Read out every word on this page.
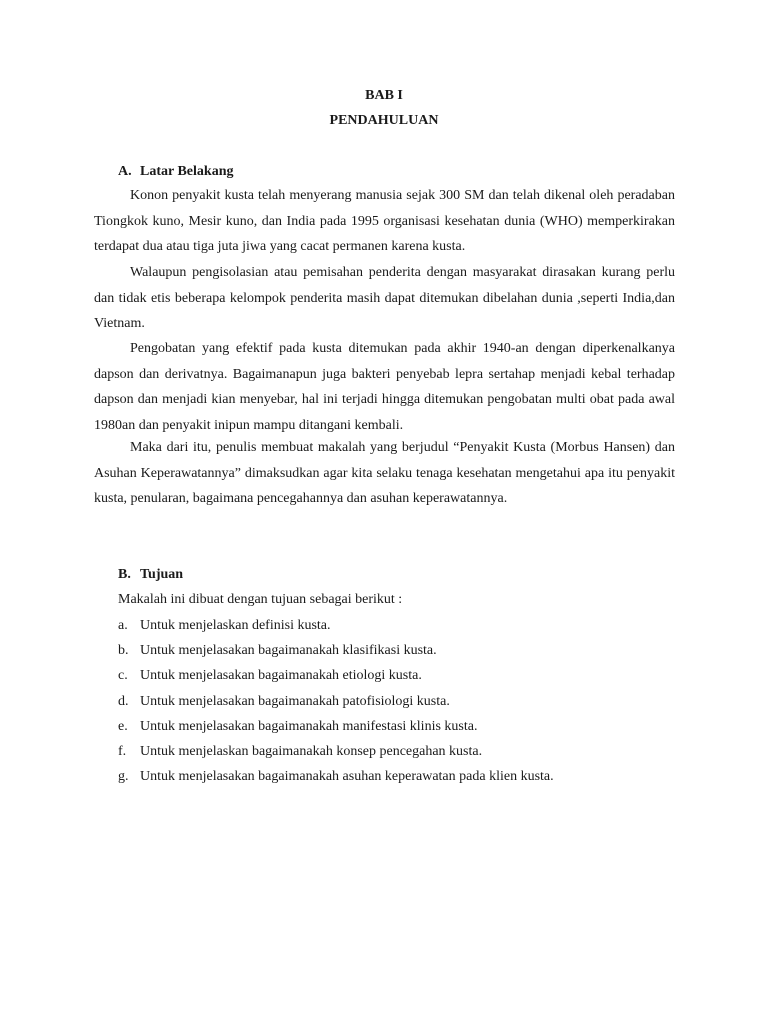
BAB I
PENDAHULUAN
A. Latar Belakang

Konon penyakit kusta telah menyerang manusia sejak 300 SM dan telah dikenal oleh peradaban Tiongkok kuno, Mesir kuno, dan India pada 1995 organisasi kesehatan dunia (WHO) memperkirakan terdapat dua atau tiga juta jiwa yang cacat permanen karena kusta.

Walaupun pengisolasian atau pemisahan penderita dengan masyarakat dirasakan kurang perlu dan tidak etis beberapa kelompok penderita masih dapat ditemukan dibelahan dunia ,seperti India,dan Vietnam.

Pengobatan yang efektif pada kusta ditemukan pada akhir 1940-an dengan diperkenalkanya dapson dan derivatnya. Bagaimanapun juga bakteri penyebab lepra sertahap menjadi kebal terhadap dapson dan menjadi kian menyebar, hal ini terjadi hingga ditemukan pengobatan multi obat pada awal 1980an dan penyakit inipun mampu ditangani kembali.

Maka dari itu, penulis membuat makalah yang berjudul “Penyakit Kusta (Morbus Hansen) dan Asuhan Keperawatannya” dimaksudkan agar kita selaku tenaga kesehatan mengetahui apa itu penyakit kusta, penularan, bagaimana pencegahannya dan asuhan keperawatannya.

B. Tujuan
Makalah ini dibuat dengan tujuan sebagai berikut :
a. Untuk menjelaskan definisi kusta.
b. Untuk menjelasakan bagaimanakah klasifikasi kusta.
c. Untuk menjelasakan bagaimanakah etiologi kusta.
d. Untuk menjelasakan bagaimanakah patofisiologi kusta.
e. Untuk menjelasakan bagaimanakah manifestasi klinis kusta.
f. Untuk menjelaskan bagaimanakah konsep pencegahan kusta.
g. Untuk menjelasakan bagaimanakah asuhan keperawatan pada klien kusta.
